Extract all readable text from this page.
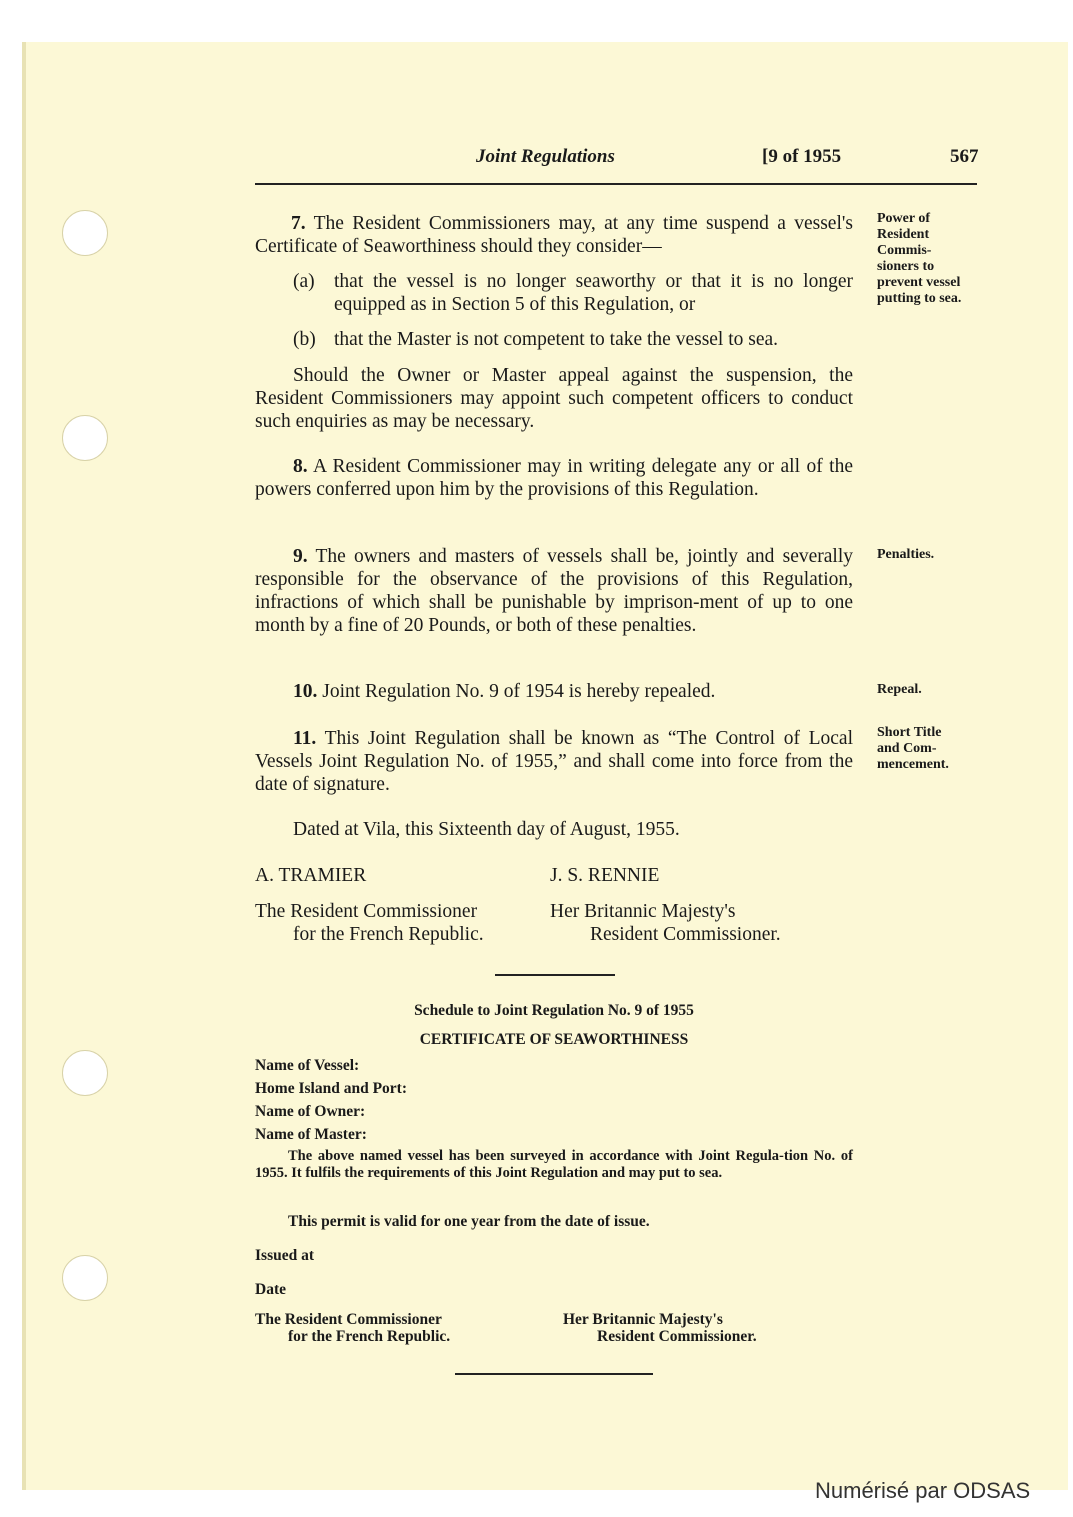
Joint Regulations	[9 of 1955	567
7. The Resident Commissioners may, at any time suspend a vessel's Certificate of Seaworthiness should they consider—
(a) that the vessel is no longer seaworthy or that it is no longer equipped as in Section 5 of this Regulation, or
(b) that the Master is not competent to take the vessel to sea.
Should the Owner or Master appeal against the suspension, the Resident Commissioners may appoint such competent officers to conduct such enquiries as may be necessary.
Power of Resident Commis-sioners to prevent vessel putting to sea.
8. A Resident Commissioner may in writing delegate any or all of the powers conferred upon him by the provisions of this Regulation.
9. The owners and masters of vessels shall be, jointly and severally responsible for the observance of the provisions of this Regulation, infractions of which shall be punishable by imprison-ment of up to one month by a fine of 20 Pounds, or both of these penalties.
Penalties.
10. Joint Regulation No. 9 of 1954 is hereby repealed.	Repeal.
11. This Joint Regulation shall be known as “The Control of Local Vessels Joint Regulation No. of 1955,” and shall come into force from the date of signature.
Short Title and Com-mencement.
Dated at Vila, this Sixteenth day of August, 1955.
A. TRAMIER
The Resident Commissioner
for the French Republic.
J. S. RENNIE
Her Britannic Majesty's
Resident Commissioner.
Schedule to Joint Regulation No. 9 of 1955
CERTIFICATE OF SEAWORTHINESS
Name of Vessel:
Home Island and Port:
Name of Owner:
Name of Master:
The above named vessel has been surveyed in accordance with Joint Regula-tion No. of 1955. It fulfils the requirements of this Joint Regulation and may put to sea.
This permit is valid for one year from the date of issue.
Issued at
Date
The Resident Commissioner
for the French Republic.
Her Britannic Majesty's
Resident Commissioner.
Numérisé par ODSAS
